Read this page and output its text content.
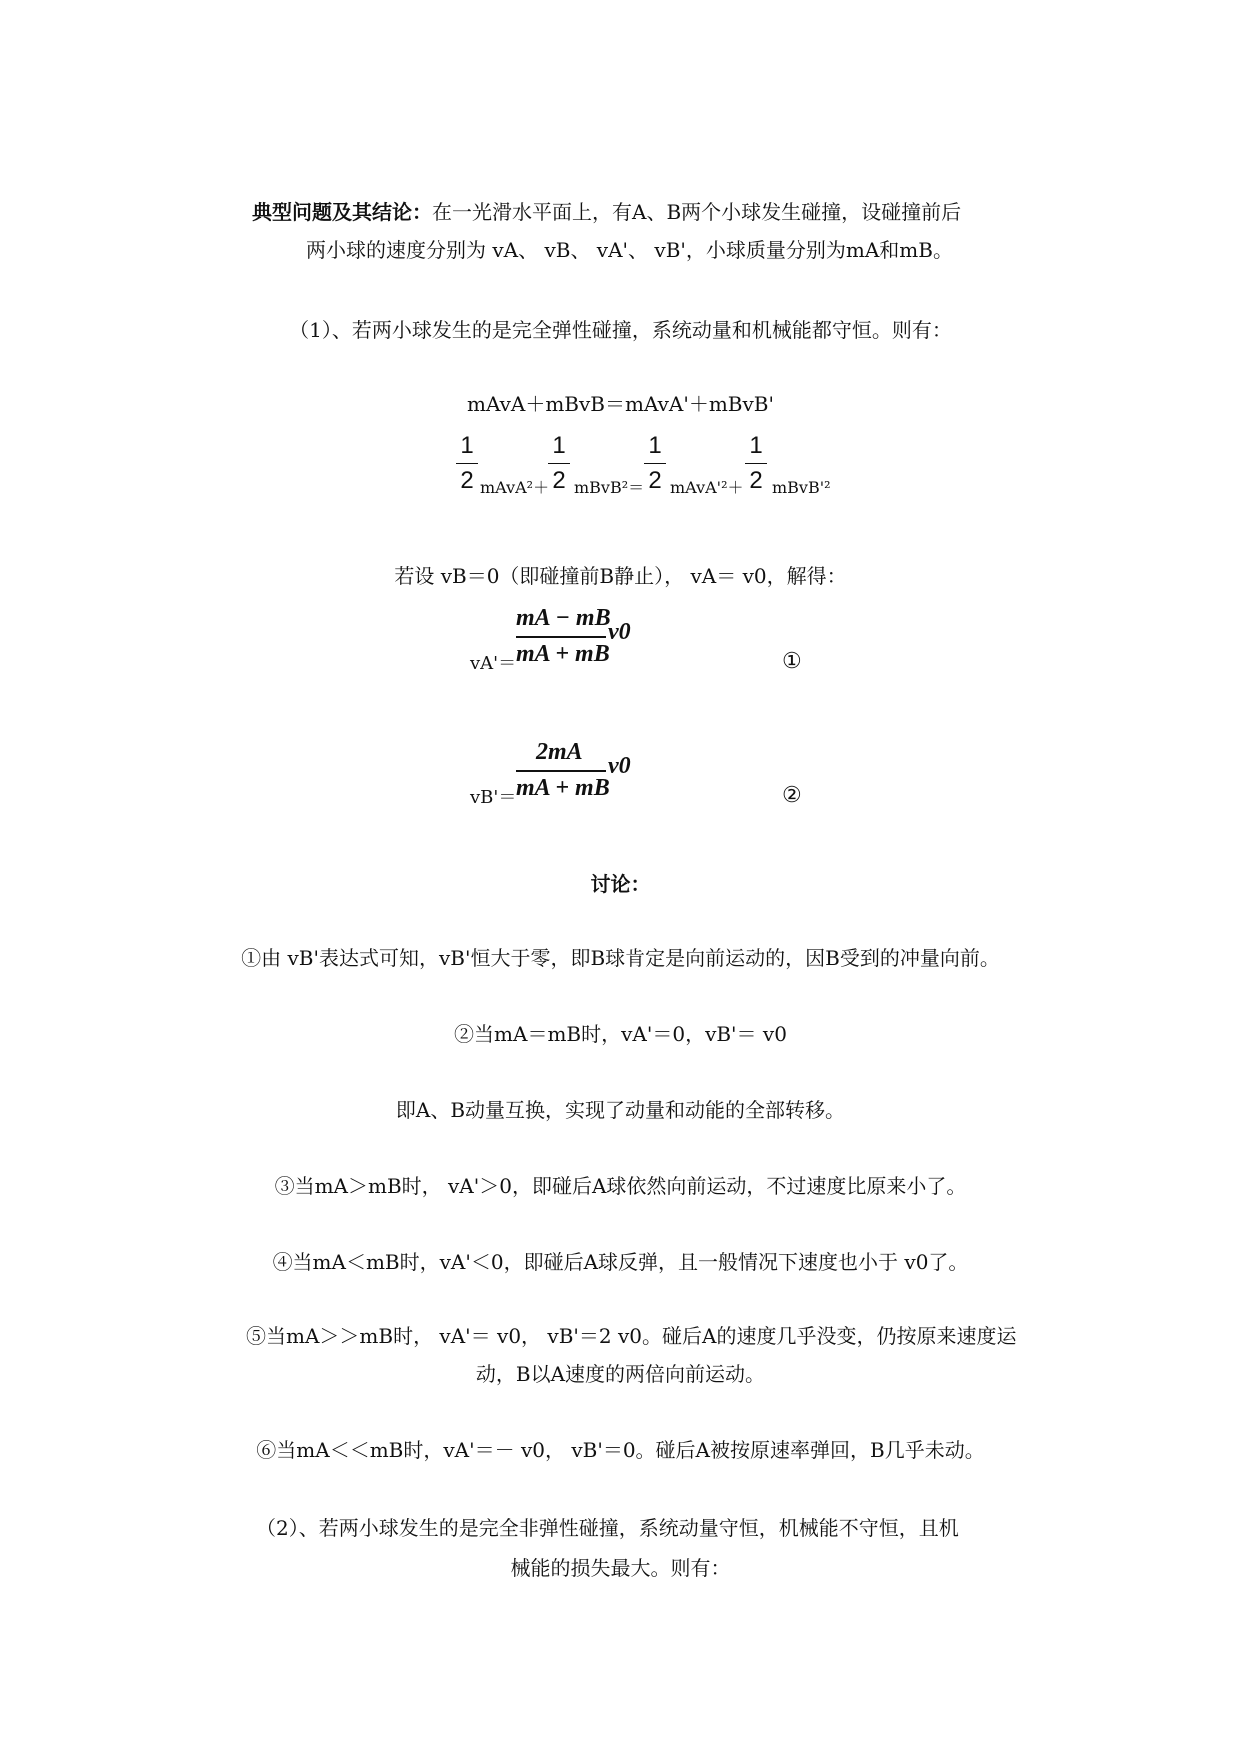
典型问题及其结论：在一光滑水平面上，有A、B两个小球发生碰撞，设碰撞前后
两小球的速度分别为 vA、 vB、 vA'、 vB'，小球质量分别为mA和mB。
（1）、若两小球发生的是完全弹性碰撞，系统动量和机械能都守恒。则有：
mAvA＋mBvB＝mAvA'＋mBvB'
1
2 mAvA²＋
1
2 mBvB²＝
1
2 mAvA'²＋
1
2 mBvB'²
若设 vB＝0（即碰撞前B静止）， vA＝ v0，解得：
mA − mB
v0
mA + mB
vA'＝	①
2mA
v0
mA + mB
vB'＝	②
讨论：
①由 vB'表达式可知，vB'恒大于零，即B球肯定是向前运动的，因B受到的冲量向前。
②当mA＝mB时，vA'＝0，vB'＝ v0
即A、B动量互换，实现了动量和动能的全部转移。
③当mA＞mB时， vA'＞0，即碰后A球依然向前运动，不过速度比原来小了。
④当mA＜mB时，vA'＜0，即碰后A球反弹，且一般情况下速度也小于 v0了。
⑤当mA＞＞mB时， vA'＝ v0， vB'＝2 v0。碰后A的速度几乎没变，仍按原来速度运
动，B以A速度的两倍向前运动。
⑥当mA＜＜mB时，vA'＝－ v0， vB'＝0。碰后A被按原速率弹回，B几乎未动。
（2）、若两小球发生的是完全非弹性碰撞，系统动量守恒，机械能不守恒，且机
械能的损失最大。则有：
